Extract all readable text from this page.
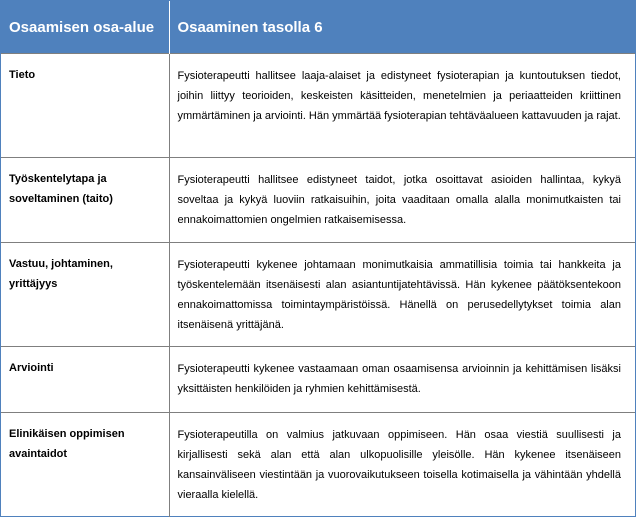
Osaamisen osa-alue	Osaaminen tasolla 6
Tieto	Fysioterapeutti hallitsee laaja-alaiset ja edistyneet fysioterapian ja kuntoutuksen tiedot, joihin liittyy teorioiden, keskeisten käsitteiden, menetelmien ja periaatteiden kriittinen ymmärtäminen ja arviointi. Hän ymmärtää fysioterapian tehtäväalueen kattavuuden ja rajat.
Työskentelytapa ja soveltaminen (taito)	Fysioterapeutti hallitsee edistyneet taidot, jotka osoittavat asioiden hallintaa, kykyä soveltaa ja kykyä luoviin ratkaisuihin, joita vaaditaan omalla alalla monimutkaisten tai ennakoimattomien ongelmien ratkaisemisessa.
Vastuu, johtaminen, yrittäjyys	Fysioterapeutti kykenee johtamaan monimutkaisia ammatillisia toimia tai hankkeita ja työskentelemään itsenäisesti alan asiantuntijatehtävissä. Hän kykenee päätöksentekoon ennakoimattomissa toimintaympäristöissä. Hänellä on perusedellytykset toimia alan itsenäisenä yrittäjänä.
Arviointi	Fysioterapeutti kykenee vastaamaan oman osaamisensa arvioinnin ja kehittämisen lisäksi yksittäisten henkilöiden ja ryhmien kehittämisestä.
Elinikäisen oppimisen avaintaidot	Fysioterapeutilla on valmius jatkuvaan oppimiseen. Hän osaa viestiä suullisesti ja kirjallisesti sekä alan että alan ulkopuolisille yleisölle. Hän kykenee itsenäiseen kansainväliseen viestintään ja vuorovaikutukseen toisella kotimaisella ja vähintään yhdellä vieraalla kielellä.
